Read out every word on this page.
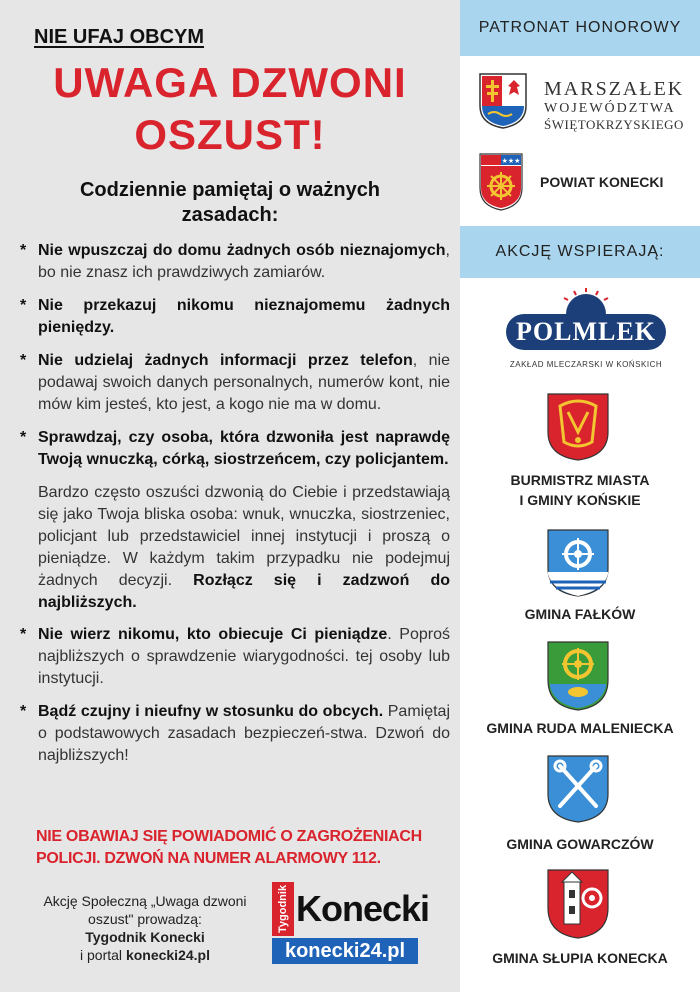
NIE UFAJ OBCYM
UWAGA DZWONI
OSZUST!
Codziennie pamiętaj o ważnych zasadach:
* Nie wpuszczaj do domu żadnych osób nieznajomych, bo nie znasz ich prawdziwych zamiarów.
* Nie przekazuj nikomu nieznajomemu żadnych pieniędzy.
* Nie udzielaj żadnych informacji przez telefon, nie podawaj swoich danych personalnych, numerów kont, nie mów kim jesteś, kto jest, a kogo nie ma w domu.
* Sprawdzaj, czy osoba, która dzwoniła jest naprawdę Twoją wnuczką, córką, siostrzeńcem, czy policjantem.
Bardzo często oszuści dzwonią do Ciebie i przedstawiają się jako Twoja bliska osoba: wnuk, wnuczka, siostrzeniec, policjant lub przedstawiciel innej instytucji i proszą o pieniądze. W każdym takim przypadku nie podejmuj żadnych decyzji. Rozłącz się i zadzwoń do najbliższych.
* Nie wierz nikomu, kto obiecuje Ci pieniądze. Poproś najbliższych o sprawdzenie wiarygodności. tej osoby lub instytucji.
* Bądź czujny i nieufny w stosunku do obcych. Pamiętaj o podstawowych zasadach bezpieczeń-stwa. Dzwoń do najbliższych!
NIE OBAWIAJ SIĘ POWIADOMIĆ O ZAGROŻENIACH POLICJI. DZWOŃ NA NUMER ALARMOWY 112.
Akcję Społeczną „Uwaga dzwoni oszust" prowadzą:
Tygodnik Konecki
i portal konecki24.pl
Tygodnik Konecki
konecki24.pl
PATRONAT HONOROWY
MARSZAŁEK
WOJEWÓDZTWA
ŚWIĘTOKRZYSKIEGO
★★★
POWIAT KONECKI
AKCJĘ WSPIERAJĄ:
POLMLEK
ZAKŁAD MLECZARSKI W KOŃSKICH
BURMISTRZ MIASTA
I GMINY KOŃSKIE
GMINA FAŁKÓW
GMINA RUDA MALENIECKA
GMINA GOWARCZÓW
GMINA SŁUPIA KONECKA
